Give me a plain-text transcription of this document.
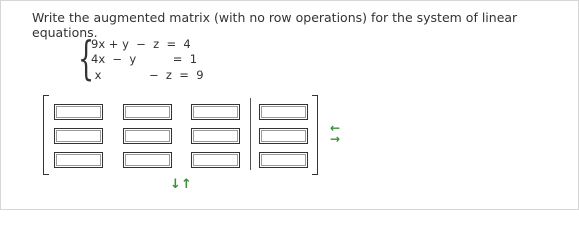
Write the augmented matrix (with no row operations) for the system of linear equations.
{
9x + y  −  z  =  4
4x  −  y          =  1
x             −  z  =  9
←
→
↓ ↑
